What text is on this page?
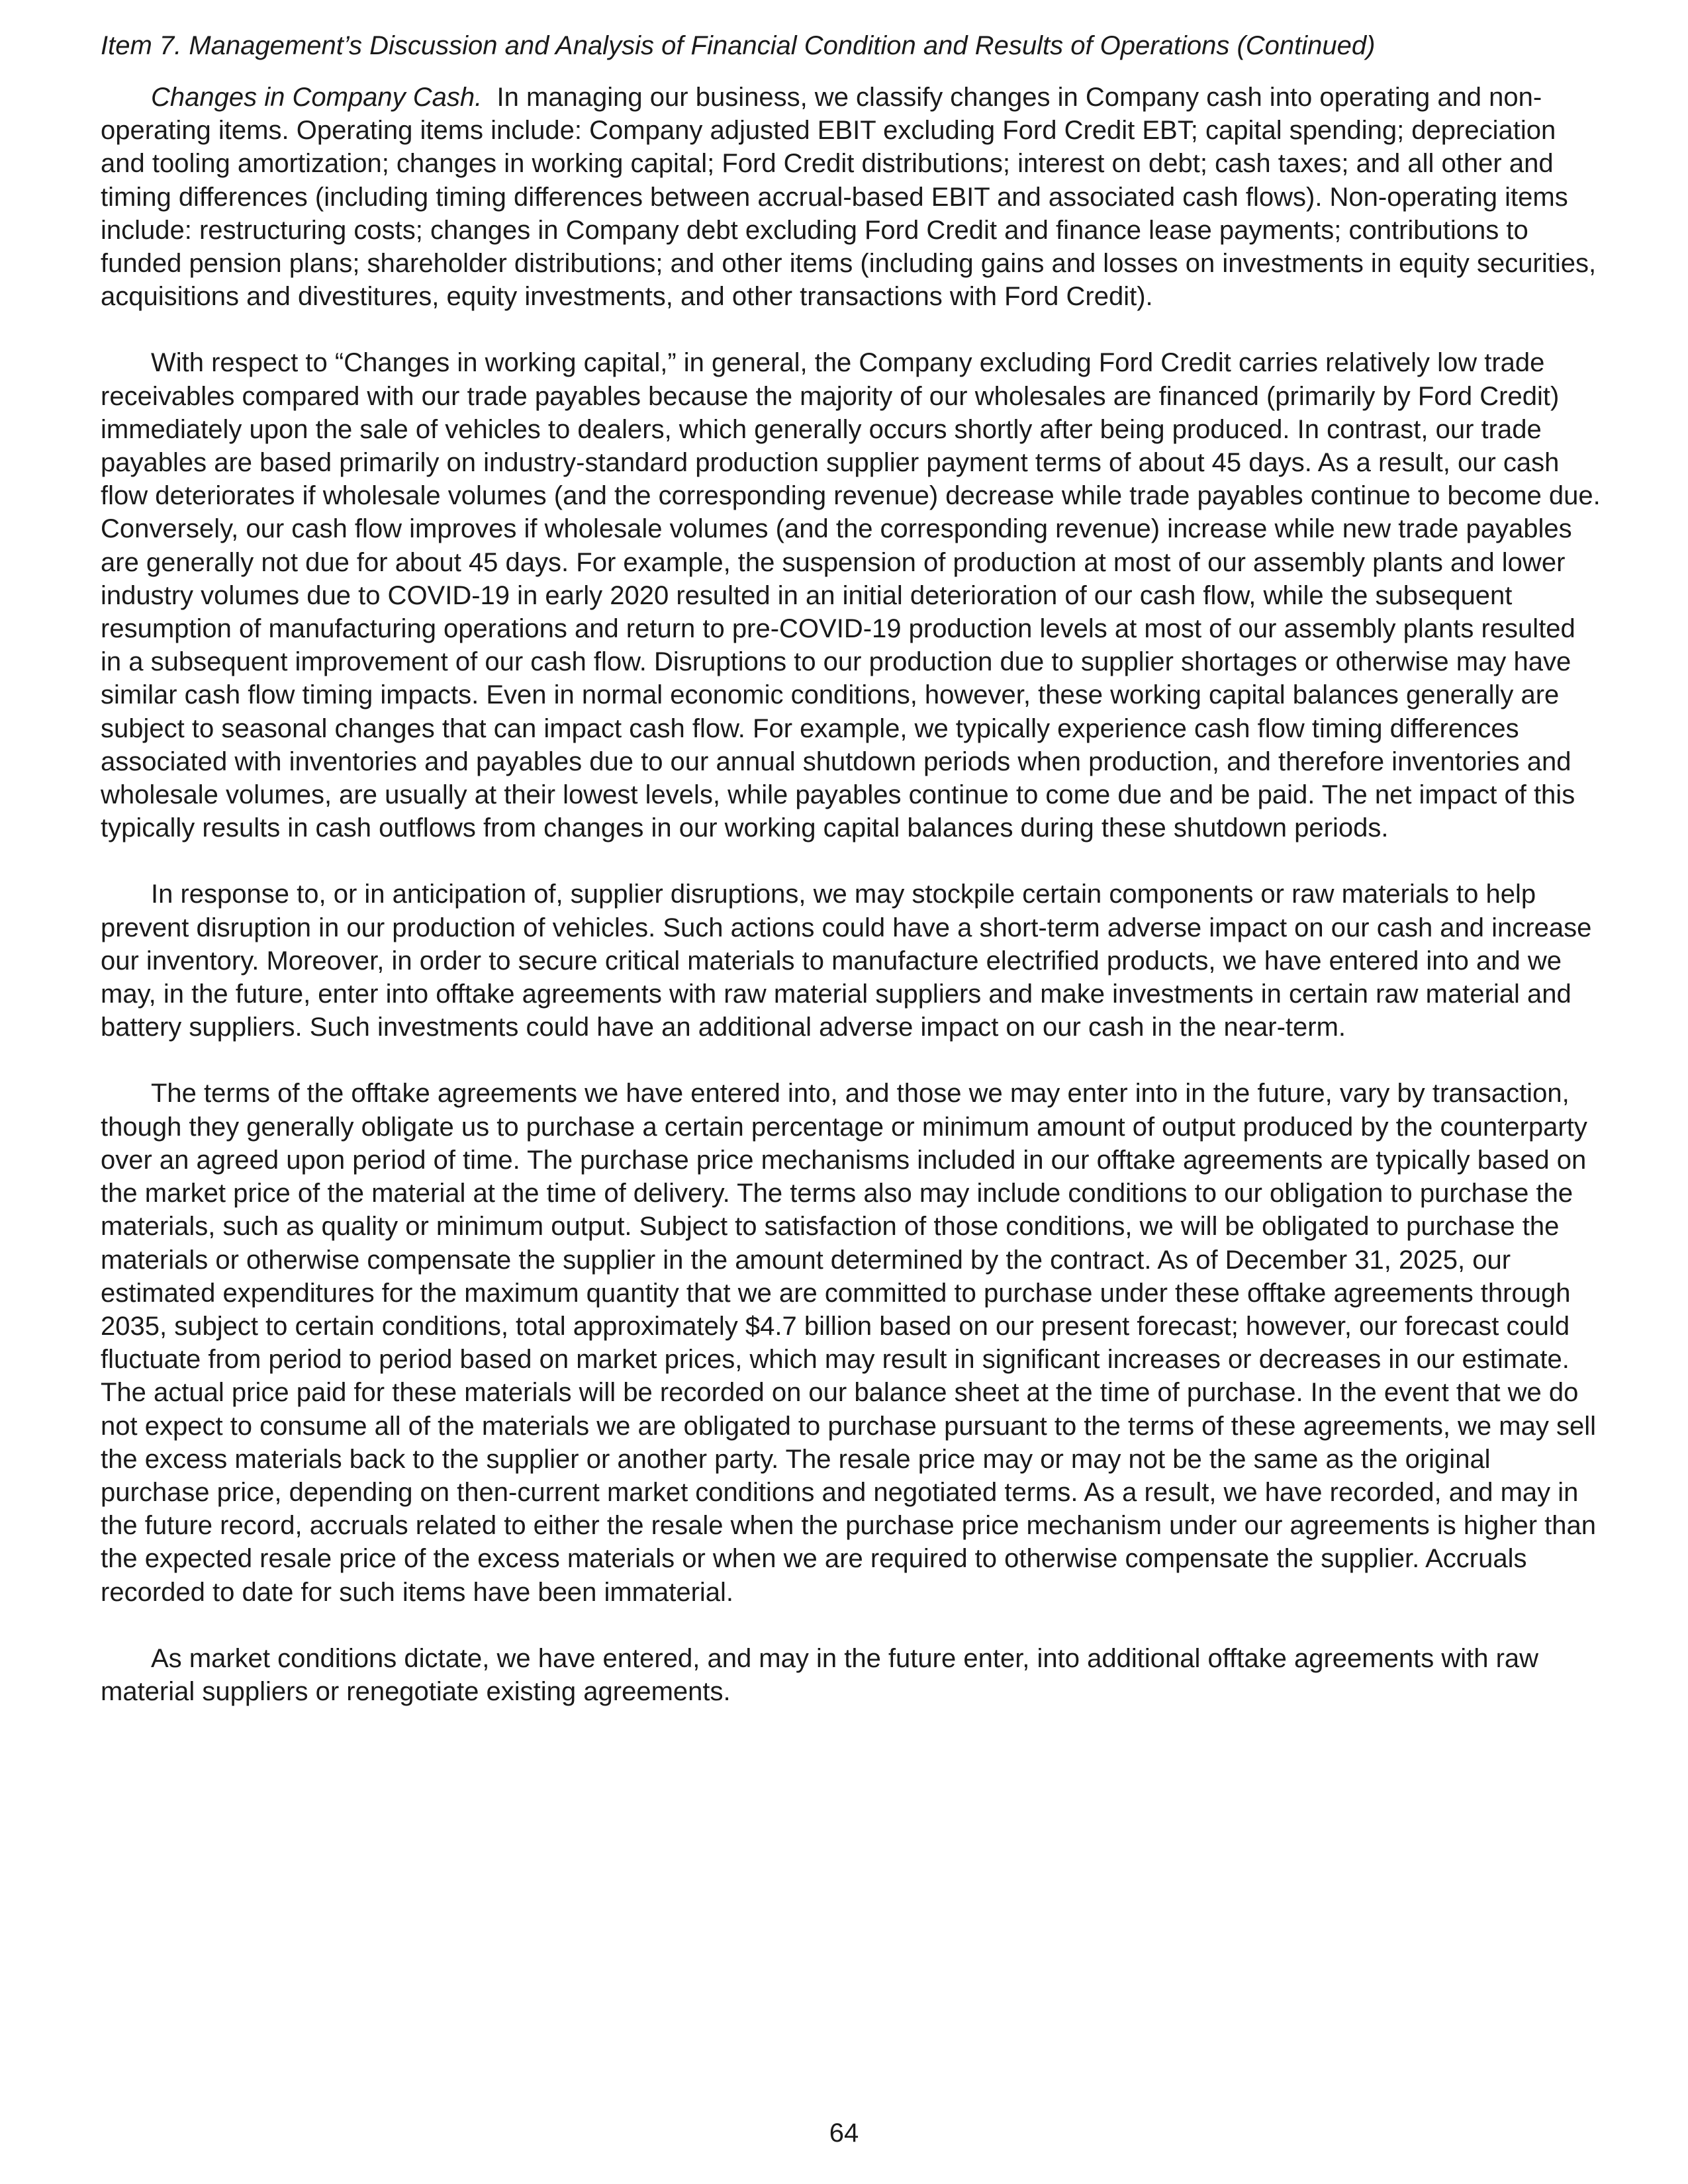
Item 7. Management’s Discussion and Analysis of Financial Condition and Results of Operations (Continued)

Changes in Company Cash. In managing our business, we classify changes in Company cash into operating and non-operating items. Operating items include: Company adjusted EBIT excluding Ford Credit EBT; capital spending; depreciation and tooling amortization; changes in working capital; Ford Credit distributions; interest on debt; cash taxes; and all other and timing differences (including timing differences between accrual-based EBIT and associated cash flows). Non-operating items include: restructuring costs; changes in Company debt excluding Ford Credit and finance lease payments; contributions to funded pension plans; shareholder distributions; and other items (including gains and losses on investments in equity securities, acquisitions and divestitures, equity investments, and other transactions with Ford Credit).

With respect to “Changes in working capital,” in general, the Company excluding Ford Credit carries relatively low trade receivables compared with our trade payables because the majority of our wholesales are financed (primarily by Ford Credit) immediately upon the sale of vehicles to dealers, which generally occurs shortly after being produced. In contrast, our trade payables are based primarily on industry-standard production supplier payment terms of about 45 days. As a result, our cash flow deteriorates if wholesale volumes (and the corresponding revenue) decrease while trade payables continue to become due. Conversely, our cash flow improves if wholesale volumes (and the corresponding revenue) increase while new trade payables are generally not due for about 45 days. For example, the suspension of production at most of our assembly plants and lower industry volumes due to COVID-19 in early 2020 resulted in an initial deterioration of our cash flow, while the subsequent resumption of manufacturing operations and return to pre-COVID-19 production levels at most of our assembly plants resulted in a subsequent improvement of our cash flow. Disruptions to our production due to supplier shortages or otherwise may have similar cash flow timing impacts. Even in normal economic conditions, however, these working capital balances generally are subject to seasonal changes that can impact cash flow. For example, we typically experience cash flow timing differences associated with inventories and payables due to our annual shutdown periods when production, and therefore inventories and wholesale volumes, are usually at their lowest levels, while payables continue to come due and be paid. The net impact of this typically results in cash outflows from changes in our working capital balances during these shutdown periods.

In response to, or in anticipation of, supplier disruptions, we may stockpile certain components or raw materials to help prevent disruption in our production of vehicles. Such actions could have a short-term adverse impact on our cash and increase our inventory. Moreover, in order to secure critical materials to manufacture electrified products, we have entered into and we may, in the future, enter into offtake agreements with raw material suppliers and make investments in certain raw material and battery suppliers. Such investments could have an additional adverse impact on our cash in the near-term.

The terms of the offtake agreements we have entered into, and those we may enter into in the future, vary by transaction, though they generally obligate us to purchase a certain percentage or minimum amount of output produced by the counterparty over an agreed upon period of time. The purchase price mechanisms included in our offtake agreements are typically based on the market price of the material at the time of delivery. The terms also may include conditions to our obligation to purchase the materials, such as quality or minimum output. Subject to satisfaction of those conditions, we will be obligated to purchase the materials or otherwise compensate the supplier in the amount determined by the contract. As of December 31, 2025, our estimated expenditures for the maximum quantity that we are committed to purchase under these offtake agreements through 2035, subject to certain conditions, total approximately $4.7 billion based on our present forecast; however, our forecast could fluctuate from period to period based on market prices, which may result in significant increases or decreases in our estimate. The actual price paid for these materials will be recorded on our balance sheet at the time of purchase. In the event that we do not expect to consume all of the materials we are obligated to purchase pursuant to the terms of these agreements, we may sell the excess materials back to the supplier or another party. The resale price may or may not be the same as the original purchase price, depending on then-current market conditions and negotiated terms. As a result, we have recorded, and may in the future record, accruals related to either the resale when the purchase price mechanism under our agreements is higher than the expected resale price of the excess materials or when we are required to otherwise compensate the supplier. Accruals recorded to date for such items have been immaterial.

As market conditions dictate, we have entered, and may in the future enter, into additional offtake agreements with raw material suppliers or renegotiate existing agreements.

64
